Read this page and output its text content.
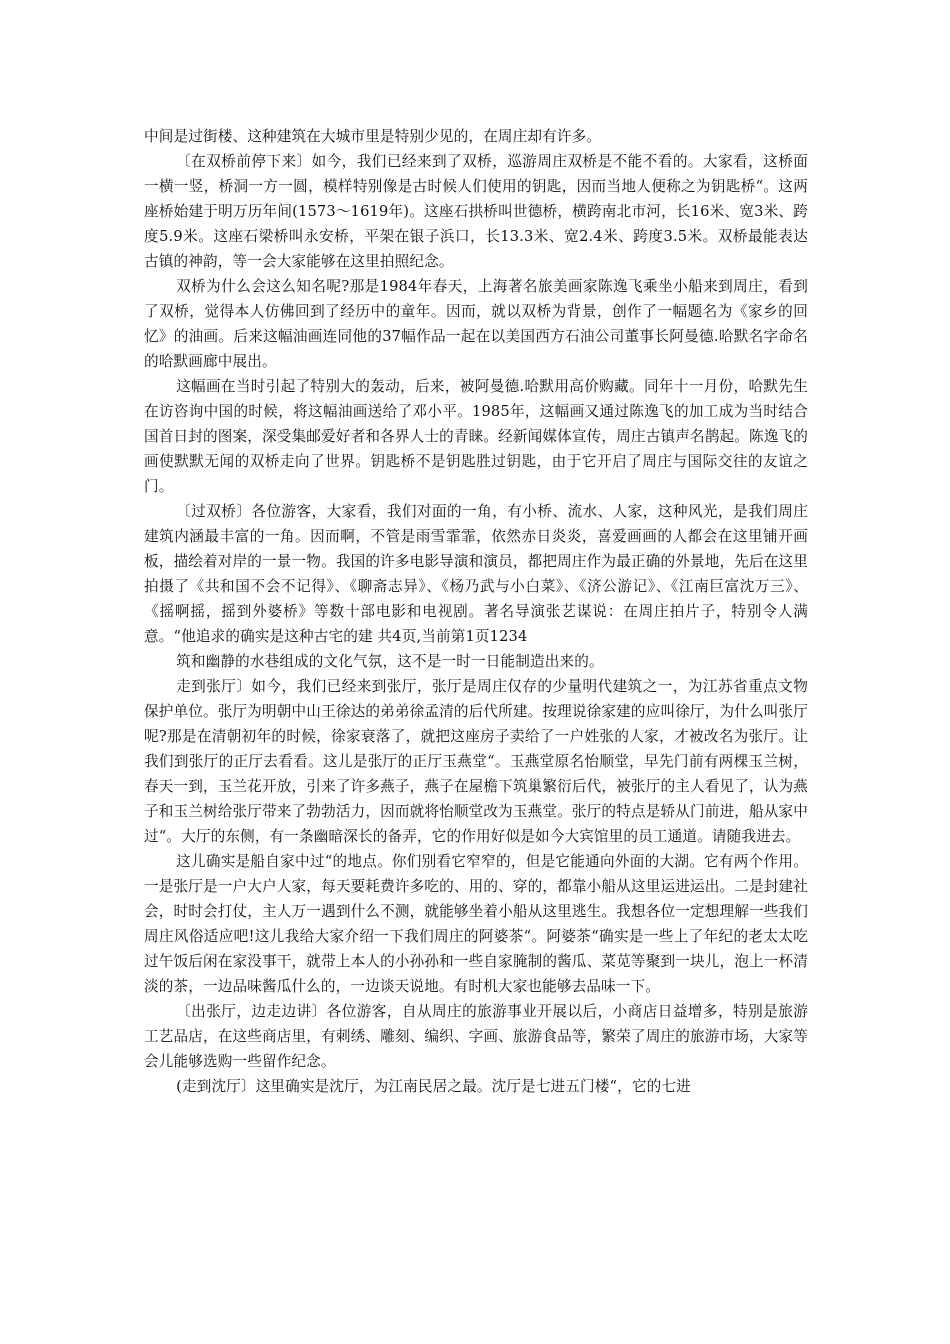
中间是过街楼、这种建筑在大城市里是特别少见的，在周庄却有许多。

〔在双桥前停下来〕如今，我们已经来到了双桥，巡游周庄双桥是不能不看的。大家看，这桥面一横一竖，桥洞一方一圆，模样特别像是古时候人们使用的钥匙，因而当地人便称之为钥匙桥“。这两座桥始建于明万历年间(1573～1619年)。这座石拱桥叫世德桥，横跨南北市河，长16米、宽3米、跨度5.9米。这座石梁桥叫永安桥，平架在银子浜口，长13.3米、宽2.4米、跨度3.5米。双桥最能表达古镇的神韵，等一会大家能够在这里拍照纪念。

双桥为什么会这么知名呢?那是1984年春天，上海著名旅美画家陈逸飞乘坐小船来到周庄，看到了双桥，觉得本人仿佛回到了经历中的童年。因而，就以双桥为背景，创作了一幅题名为《家乡的回忆》的油画。后来这幅油画连同他的37幅作品一起在以美国西方石油公司董事长阿曼德.哈默名字命名的哈默画廊中展出。

这幅画在当时引起了特别大的轰动，后来，被阿曼德.哈默用高价购藏。同年十一月份，哈默先生在访咨询中国的时候，将这幅油画送给了邓小平。1985年，这幅画又通过陈逸飞的加工成为当时结合国首日封的图案，深受集邮爱好者和各界人士的青睐。经新闻媒体宣传，周庄古镇声名鹊起。陈逸飞的画使默默无闻的双桥走向了世界。钥匙桥不是钥匙胜过钥匙，由于它开启了周庄与国际交往的友谊之门。

〔过双桥〕各位游客，大家看，我们对面的一角，有小桥、流水、人家，这种风光，是我们周庄建筑内涵最丰富的一角。因而啊，不管是雨雪霏霏，依然赤日炎炎，喜爱画画的人都会在这里铺开画板，描绘着对岸的一景一物。我国的许多电影导演和演员，都把周庄作为最正确的外景地，先后在这里拍摄了《共和国不会不记得》、《聊斋志异》、《杨乃武与小白菜》、《济公游记》、《江南巨富沈万三》、《摇啊摇，摇到外婆桥》等数十部电影和电视剧。著名导演张艺谋说：在周庄拍片子，特别令人满意。“他追求的确实是这种古宅的建 共4页,当前第1页1234

筑和幽静的水巷组成的文化气氛，这不是一时一日能制造出来的。

走到张厅〕如今，我们已经来到张厅，张厅是周庄仅存的少量明代建筑之一，为江苏省重点文物保护单位。张厅为明朝中山王徐达的弟弟徐孟清的后代所建。按理说徐家建的应叫徐厅，为什么叫张厅呢?那是在清朝初年的时候，徐家衰落了，就把这座房子卖给了一户姓张的人家，才被改名为张厅。让我们到张厅的正厅去看看。这儿是张厅的正厅玉燕堂“。玉燕堂原名怡顺堂，早先门前有两棵玉兰树，春天一到，玉兰花开放，引来了许多燕子，燕子在屋檐下筑巢繁衍后代，被张厅的主人看见了，认为燕子和玉兰树给张厅带来了勃勃活力，因而就将怡顺堂改为玉燕堂。张厅的特点是轿从门前进，船从家中过“。大厅的东侧，有一条幽暗深长的备弄，它的作用好似是如今大宾馆里的员工通道。请随我进去。

这儿确实是船自家中过“的地点。你们别看它窄窄的，但是它能通向外面的大湖。它有两个作用。一是张厅是一户大户人家，每天要耗费许多吃的、用的、穿的，都靠小船从这里运进运出。二是封建社会，时时会打仗，主人万一遇到什么不测，就能够坐着小船从这里逃生。我想各位一定想理解一些我们周庄风俗适应吧!这儿我给大家介绍一下我们周庄的阿婆茶“。阿婆茶“确实是一些上了年纪的老太太吃过午饭后闲在家没事干，就带上本人的小孙孙和一些自家腌制的酱瓜、菜苋等聚到一块儿，泡上一杯清淡的茶，一边品味酱瓜什么的，一边谈天说地。有时机大家也能够去品味一下。

〔出张厅，边走边讲〕各位游客，自从周庄的旅游事业开展以后，小商店日益增多，特别是旅游工艺品店，在这些商店里，有刺绣、雕刻、编织、字画、旅游食品等，繁荣了周庄的旅游市场，大家等会儿能够选购一些留作纪念。

(走到沈厅〕这里确实是沈厅，为江南民居之最。沈厅是七进五门楼“，它的七进
